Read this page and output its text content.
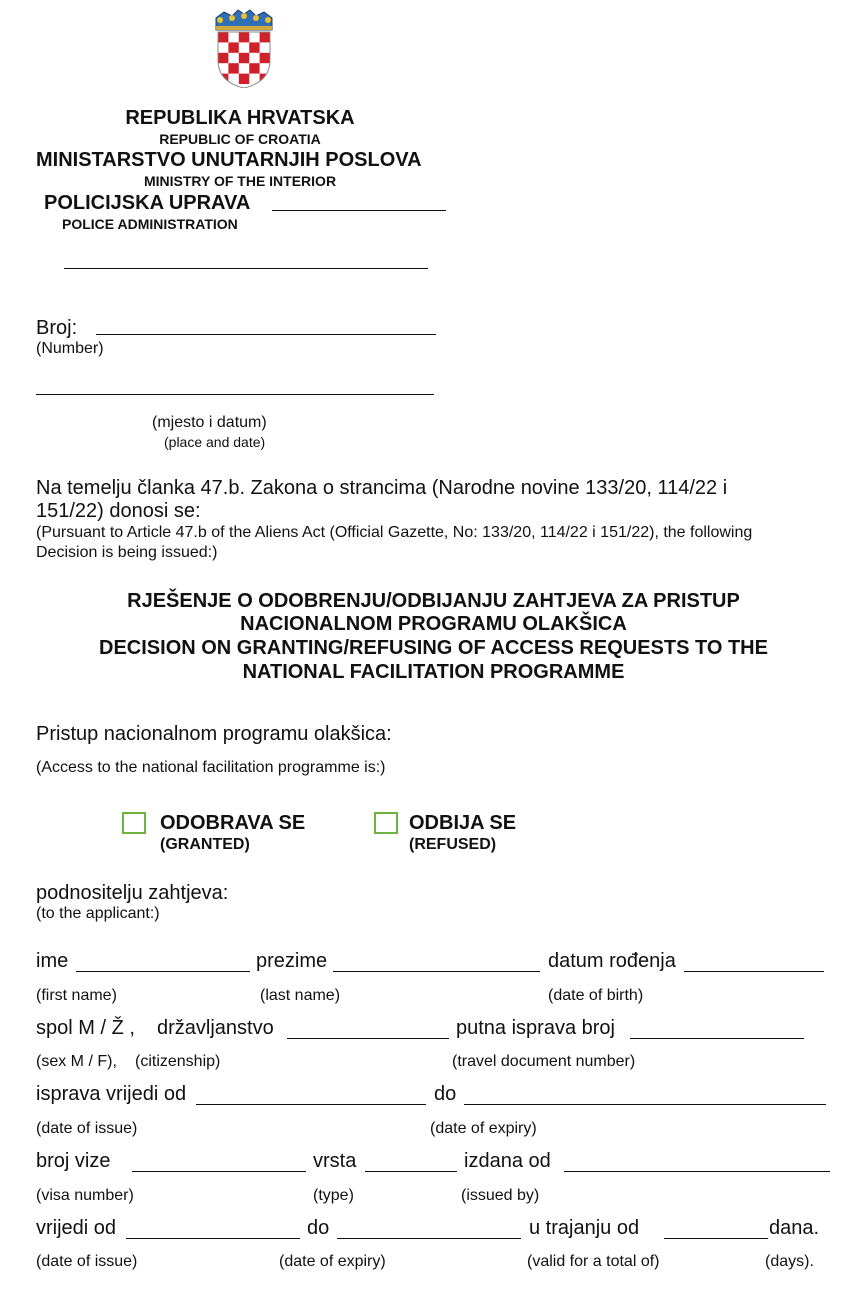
REPUBLIKA HRVATSKA
REPUBLIC OF CROATIA
MINISTARSTVO UNUTARNJIH POSLOVA
MINISTRY OF THE INTERIOR
POLICIJSKA UPRAVA
POLICE ADMINISTRATION
Broj:
(Number)
(mjesto i datum)
(place and date)
Na temelju članka 47.b. Zakona o strancima (Narodne novine 133/20, 114/22 i
151/22) donosi se:
(Pursuant to Article 47.b of the Aliens Act (Official Gazette, No: 133/20, 114/22 i 151/22), the following
Decision is being issued:)
RJEŠENJE O ODOBRENJU/ODBIJANJU ZAHTJEVA ZA PRISTUP
NACIONALNOM PROGRAMU OLAKŠICA
DECISION ON GRANTING/REFUSING OF ACCESS REQUESTS TO THE
NATIONAL FACILITATION PROGRAMME
Pristup nacionalnom programu olakšica:
(Access to the national facilitation programme is:)
ODOBRAVA SE
(GRANTED)
ODBIJA SE
(REFUSED)
podnositelju zahtjeva:
(to the applicant:)
ime	prezime	datum rođenja
(first name)	(last name)	(date of birth)
spol M / Ž , državljanstvo	putna isprava broj
(sex M / F), (citizenship)	(travel document number)
isprava vrijedi od	do
(date of issue)	(date of expiry)
broj vize	vrsta	izdana od
(visa number)	(type)	(issued by)
vrijedi od	do	u trajanju od	dana.
(date of issue)	(date of expiry)	(valid for a total of)	(days).
